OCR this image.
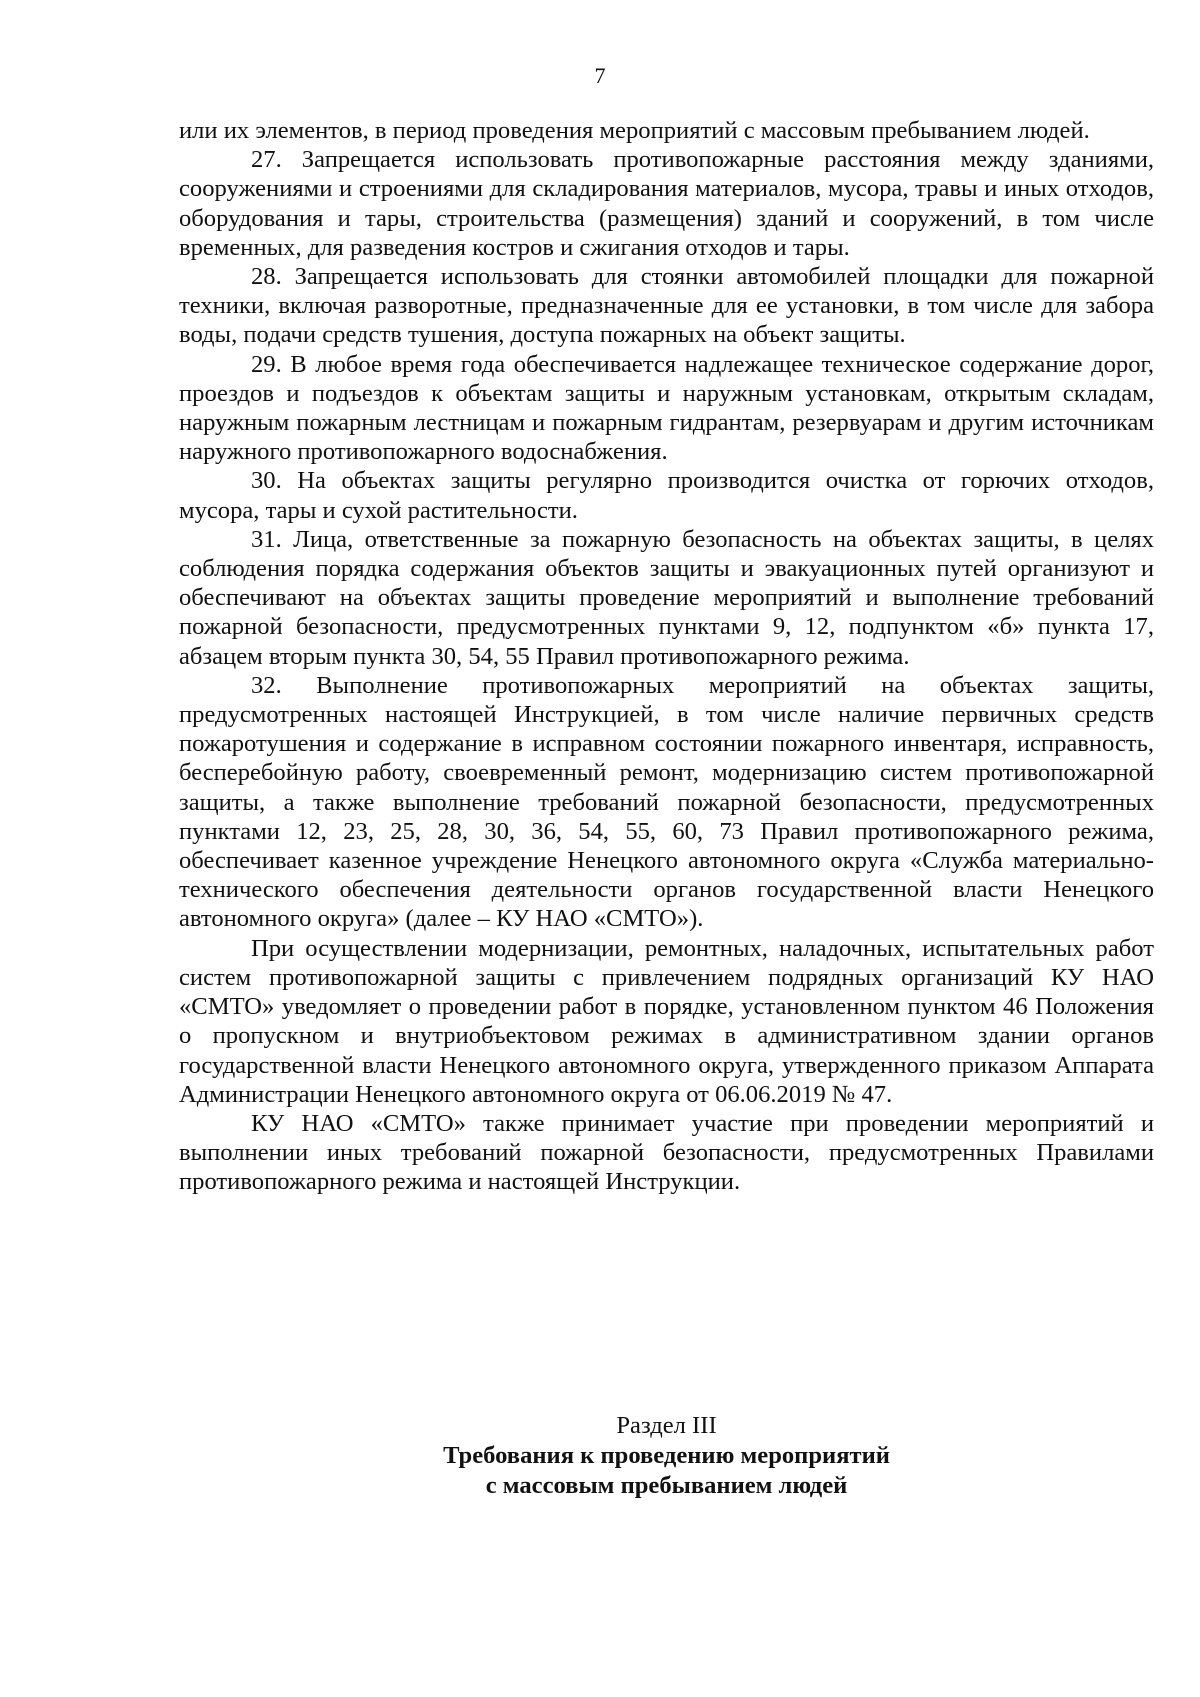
7

или их элементов, в период проведения мероприятий с массовым пребыванием людей.

27. Запрещается использовать противопожарные расстояния между зданиями, сооружениями и строениями для складирования материалов, мусора, травы и иных отходов, оборудования и тары, строительства (размещения) зданий и сооружений, в том числе временных, для разведения костров и сжигания отходов и тары.

28. Запрещается использовать для стоянки автомобилей площадки для пожарной техники, включая разворотные, предназначенные для ее установки, в том числе для забора воды, подачи средств тушения, доступа пожарных на объект защиты.

29. В любое время года обеспечивается надлежащее техническое содержание дорог, проездов и подъездов к объектам защиты и наружным установкам, открытым складам, наружным пожарным лестницам и пожарным гидрантам, резервуарам и другим источникам наружного противопожарного водоснабжения.

30. На объектах защиты регулярно производится очистка от горючих отходов, мусора, тары и сухой растительности.

31. Лица, ответственные за пожарную безопасность на объектах защиты, в целях соблюдения порядка содержания объектов защиты и эвакуационных путей организуют и обеспечивают на объектах защиты проведение мероприятий и выполнение требований пожарной безопасности, предусмотренных пунктами 9, 12, подпунктом «б» пункта 17, абзацем вторым пункта 30, 54, 55 Правил противопожарного режима.

32. Выполнение противопожарных мероприятий на объектах защиты, предусмотренных настоящей Инструкцией, в том числе наличие первичных средств пожаротушения и содержание в исправном состоянии пожарного инвентаря, исправность, бесперебойную работу, своевременный ремонт, модернизацию систем противопожарной защиты, а также выполнение требований пожарной безопасности, предусмотренных пунктами 12, 23, 25, 28, 30, 36, 54, 55, 60, 73 Правил противопожарного режима, обеспечивает казенное учреждение Ненецкого автономного округа «Служба материально-технического обеспечения деятельности органов государственной власти Ненецкого автономного округа» (далее – КУ НАО «СМТО»).

При осуществлении модернизации, ремонтных, наладочных, испытательных работ систем противопожарной защиты с привлечением подрядных организаций КУ НАО «СМТО» уведомляет о проведении работ в порядке, установленном пунктом 46 Положения о пропускном и внутриобъектовом режимах в административном здании органов государственной власти Ненецкого автономного округа, утвержденного приказом Аппарата Администрации Ненецкого автономного округа от 06.06.2019 № 47.

КУ НАО «СМТО» также принимает участие при проведении мероприятий и выполнении иных требований пожарной безопасности, предусмотренных Правилами противопожарного режима и настоящей Инструкции.

Раздел III
Требования к проведению мероприятий
с массовым пребыванием людей
